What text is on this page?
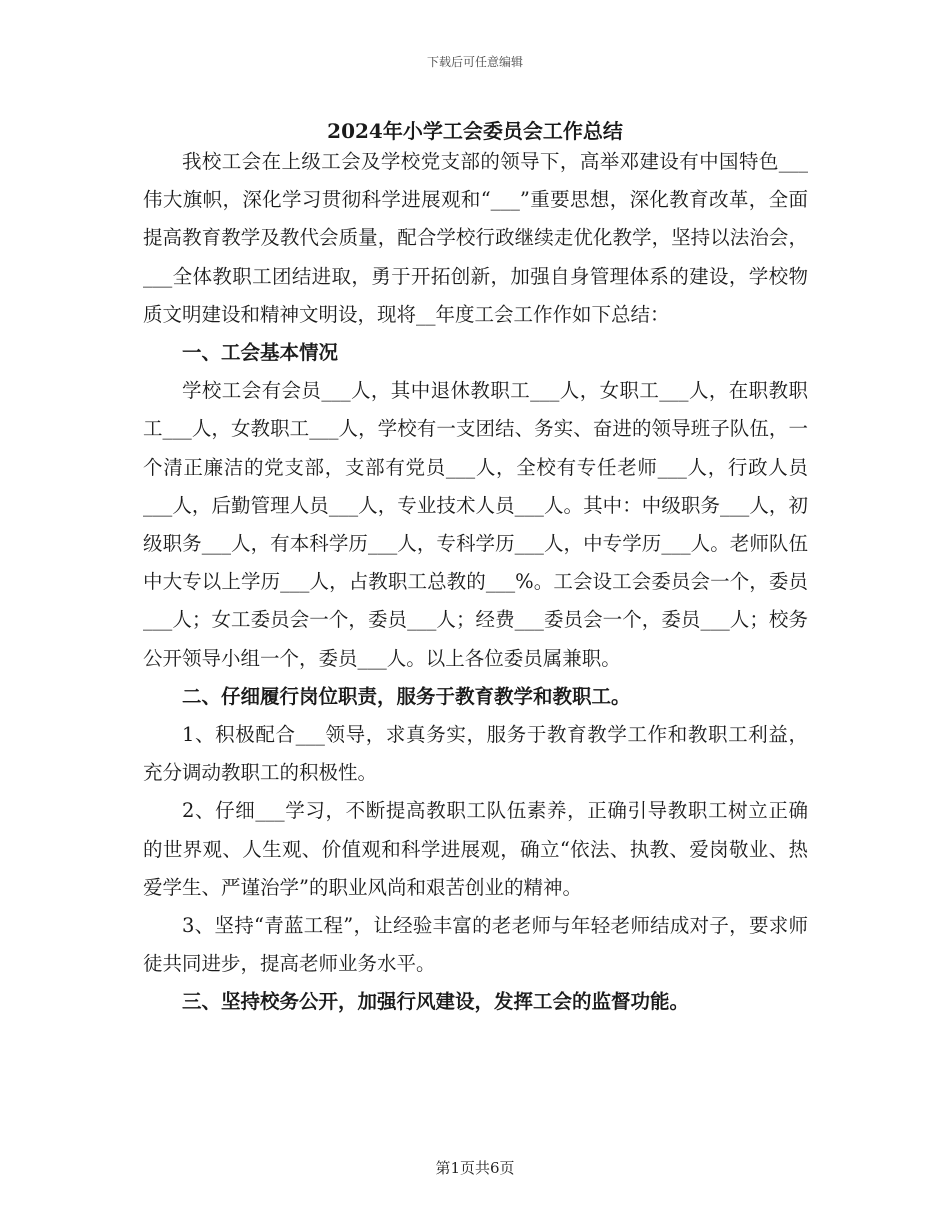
下载后可任意编辑
2024年小学工会委员会工作总结

我校工会在上级工会及学校党支部的领导下，高举邓建设有中国特色___伟大旗帜，深化学习贯彻科学进展观和“___”重要思想，深化教育改革，全面提高教育教学及教代会质量，配合学校行政继续走优化教学，坚持以法治会，___全体教职工团结进取，勇于开拓创新，加强自身管理体系的建设，学校物质文明建设和精神文明设，现将__年度工会工作作如下总结：

一、工会基本情况

学校工会有会员___人，其中退休教职工___人，女职工___人，在职教职工___人，女教职工___人，学校有一支团结、务实、奋进的领导班子队伍，一个清正廉洁的党支部，支部有党员___人，全校有专任老师___人，行政人员___人，后勤管理人员___人，专业技术人员___人。其中：中级职务___人，初级职务___人，有本科学历___人，专科学历___人，中专学历___人。老师队伍中大专以上学历___人，占教职工总教的___%。工会设工会委员会一个，委员___人；女工委员会一个，委员___人；经费___委员会一个，委员___人；校务公开领导小组一个，委员___人。以上各位委员属兼职。

二、仔细履行岗位职责，服务于教育教学和教职工。

1、积极配合___领导，求真务实，服务于教育教学工作和教职工利益，充分调动教职工的积极性。

2、仔细___学习，不断提高教职工队伍素养，正确引导教职工树立正确的世界观、人生观、价值观和科学进展观，确立“依法、执教、爱岗敬业、热爱学生、严谨治学”的职业风尚和艰苦创业的精神。

3、坚持“青蓝工程”，让经验丰富的老老师与年轻老师结成对子，要求师徒共同进步，提高老师业务水平。

三、坚持校务公开，加强行风建设，发挥工会的监督功能。
第1页共6页
